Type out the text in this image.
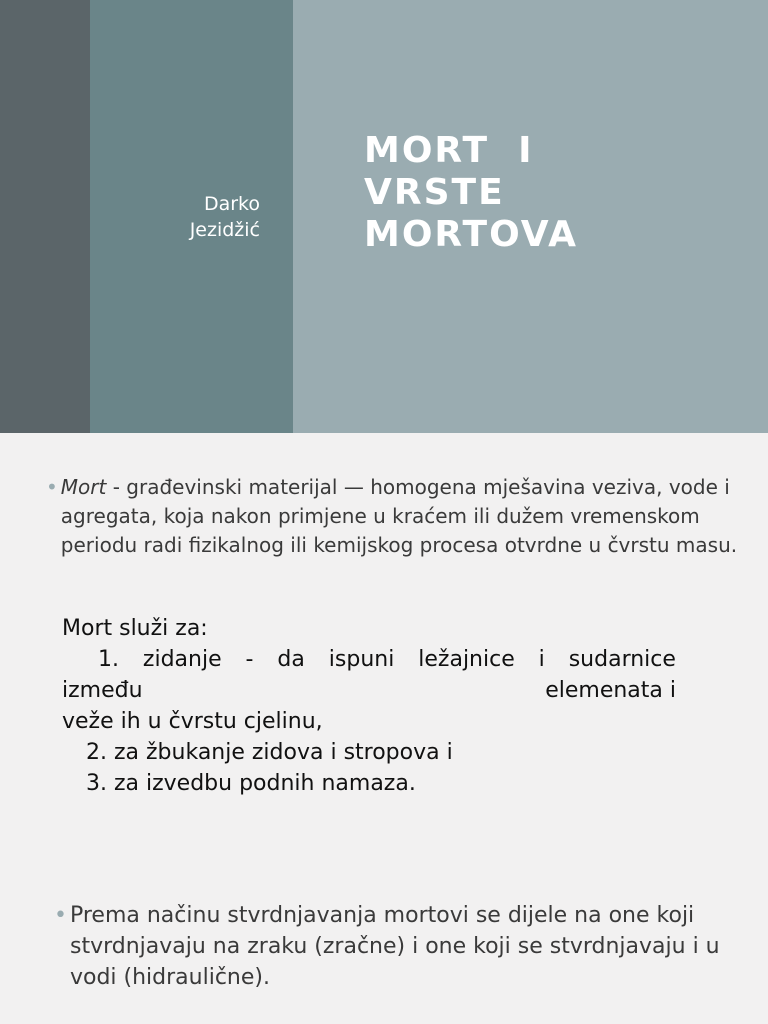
Darko
Jezidžić
MORT  I
VRSTE
MORTOVA
• Mort - građevinski materijal — homogena mješavina veziva, vode i agregata, koja nakon primjene u kraćem ili dužem vremenskom periodu radi fizikalnog ili kemijskog procesa otvrdne u čvrstu masu.
Mort služi za:
1. zidanje - da ispuni ležajnice i sudarnice
između	elemenata i
veže ih u čvrstu cjelinu,
2. za žbukanje zidova i stropova i
3. za izvedbu podnih namaza.
• Prema načinu stvrdnjavanja mortovi se dijele na one koji stvrdnjavaju na zraku (zračne) i one koji se stvrdnjavaju i u vodi (hidraulične).
